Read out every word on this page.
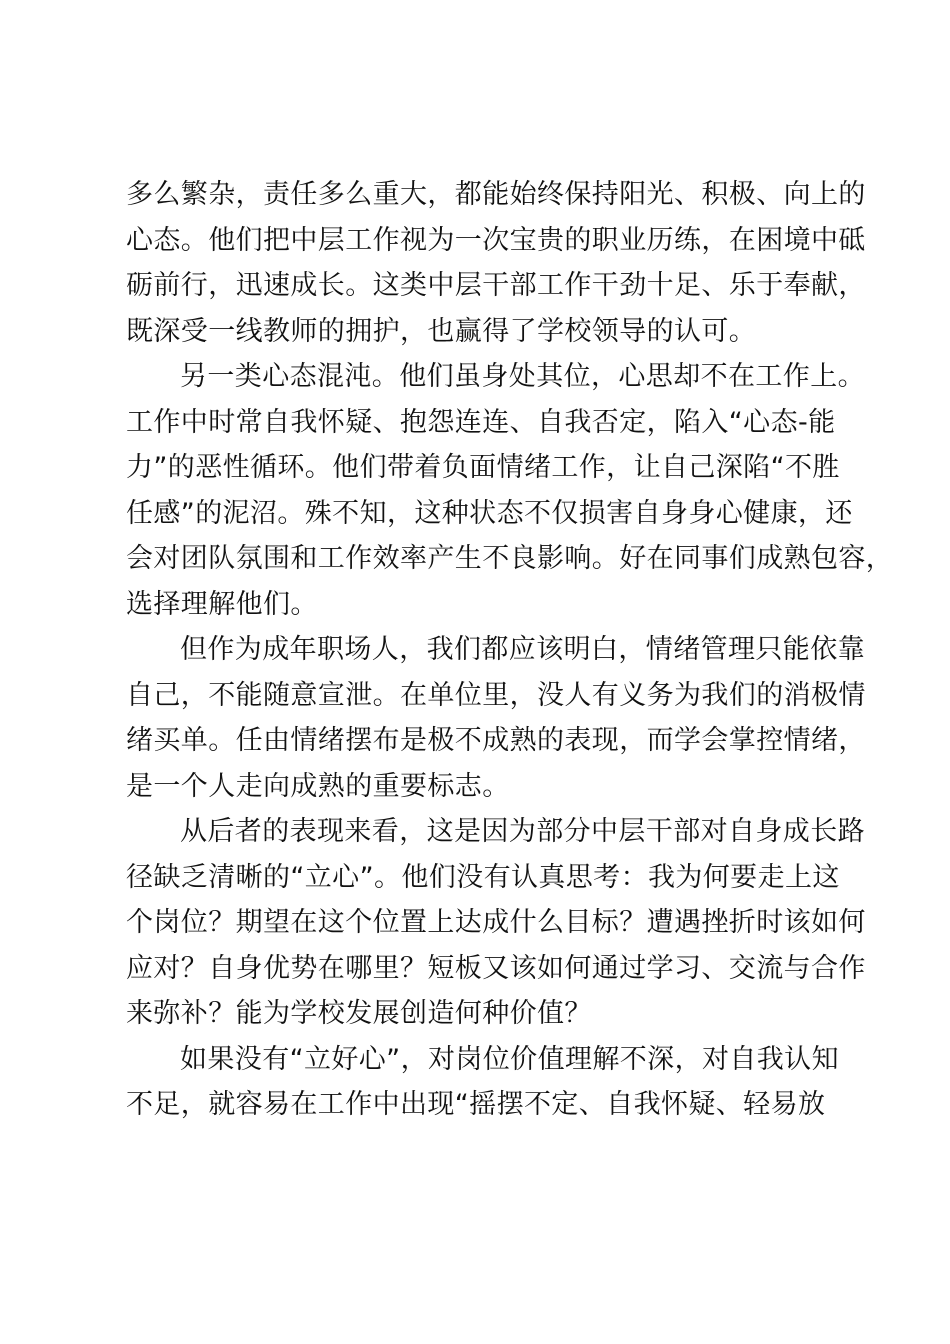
多么繁杂，责任多么重大，都能始终保持阳光、积极、向上的
心态。他们把中层工作视为一次宝贵的职业历练，在困境中砥
砺前行，迅速成长。这类中层干部工作干劲十足、乐于奉献，
既深受一线教师的拥护，也赢得了学校领导的认可。
另一类心态混沌。他们虽身处其位，心思却不在工作上。
工作中时常自我怀疑、抱怨连连、自我否定，陷入“心态-能
力”的恶性循环。他们带着负面情绪工作，让自己深陷“不胜
任感”的泥沼。殊不知，这种状态不仅损害自身身心健康，还
会对团队氛围和工作效率产生不良影响。好在同事们成熟包容，
选择理解他们。
但作为成年职场人，我们都应该明白，情绪管理只能依靠
自己，不能随意宣泄。在单位里，没人有义务为我们的消极情
绪买单。任由情绪摆布是极不成熟的表现，而学会掌控情绪，
是一个人走向成熟的重要标志。
从后者的表现来看，这是因为部分中层干部对自身成长路
径缺乏清晰的“立心”。他们没有认真思考：我为何要走上这
个岗位？期望在这个位置上达成什么目标？遭遇挫折时该如何
应对？自身优势在哪里？短板又该如何通过学习、交流与合作
来弥补？能为学校发展创造何种价值？
如果没有“立好心”，对岗位价值理解不深，对自我认知
不足，就容易在工作中出现“摇摆不定、自我怀疑、轻易放
